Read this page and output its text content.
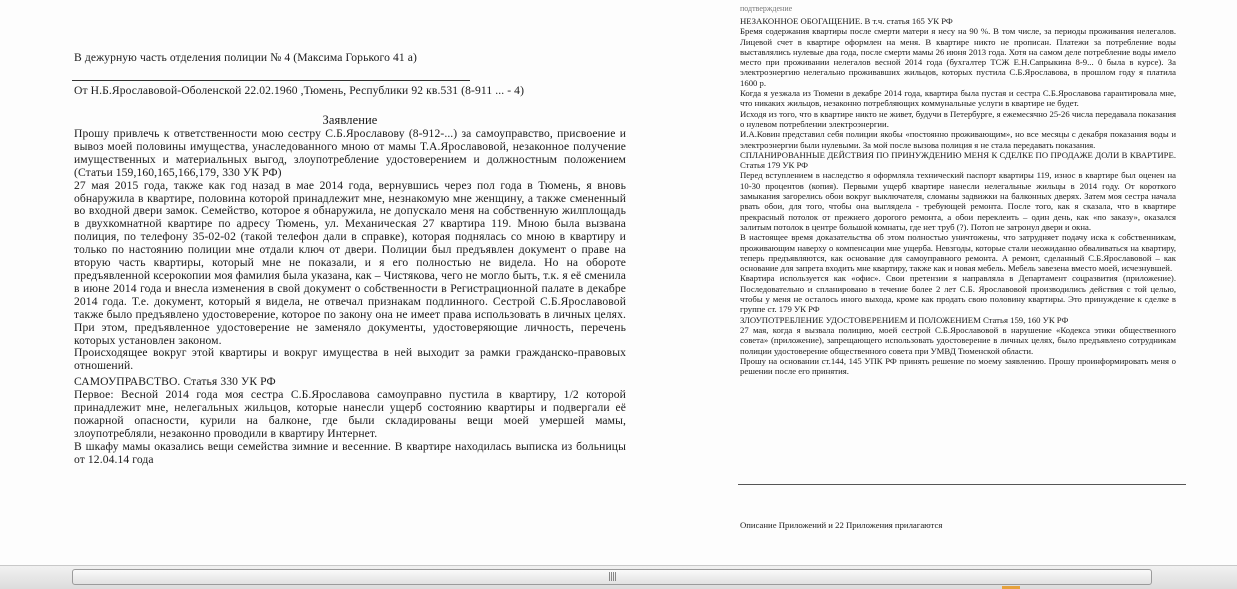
В дежурную часть отделения полиции № 4 (Максима Горького 41 а)
От Н.Б.Ярославовой-Оболенской 22.02.1960 ,Тюмень, Республики 92 кв.531 (8-911 ... - 4)
Заявление

Прошу привлечь к ответственности мою сестру С.Б.Ярославову (8-912-...) за самоуправство, присвоение и вывоз моей половины имущества, унаследованного мною от мамы Т.А.Ярославовой, незаконное получение имущественных и материальных выгод, злоупотребление удостоверением и должностным положением (Статьи 159,160,165,166,179, 330 УК РФ)

27 мая 2015 года, также как год назад в мае 2014 года, вернувшись через пол года в Тюмень, я вновь обнаружила в квартире, половина которой принадлежит мне, незнакомую мне женщину, а также смененный во входной двери замок. Семейство, которое я обнаружила, не допускало меня на собственную жилплощадь в двухкомнатной квартире по адресу Тюмень, ул. Механическая 27 квартира 119. Мною была вызвана полиция, по телефону 35-02-02 (такой телефон дали в справке), которая поднялась со мною в квартиру и только по настоянию полиции мне отдали ключ от двери. Полиции был предъявлен документ о праве на вторую часть квартиры, который мне не показали, и я его полностью не видела. Но на обороте предъявленной ксерокопии моя фамилия была указана, как – Чистякова, чего не могло быть, т.к. я её сменила в июне 2014 года и внесла изменения в свой документ о собственности в Регистрационной палате в декабре 2014 года. Т.е. документ, который я видела, не отвечал признакам подлинного. Сестрой С.Б.Ярославовой также было предъявлено удостоверение, которое по закону она не имеет права использовать в личных целях. При этом, предъявленное удостоверение не заменяло документы, удостоверяющие личность, перечень которых установлен законом.

Происходящее вокруг этой квартиры и вокруг имущества в ней выходит за рамки гражданско-правовых отношений.

САМОУПРАВСТВО. Статья 330 УК РФ

Первое: Весной 2014 года моя сестра С.Б.Ярославова самоуправно пустила в квартиру, 1/2 которой принадлежит мне, нелегальных жильцов, которые нанесли ущерб состоянию квартиры и подвергали её пожарной опасности, курили на балконе, где были складированы вещи моей умершей мамы, злоупотребляли, незаконно проводили в квартиру Интернет.

В шкафу мамы оказались вещи семейства зимние и весенние. В квартире находилась выписка из больницы от 12.04.14 года

подтверждение

НЕЗАКОННОЕ ОБОГАЩЕНИЕ. В т.ч. статья 165 УК РФ

Бремя содержания квартиры после смерти матери я несу на 90 %. В том числе, за периоды проживания нелегалов. Лицевой счет в квартире оформлен на меня. В квартире никто не прописан. Платежи за потребление воды выставлялись нулевые два года, после смерти мамы 26 июня 2013 года. Хотя на самом деле потребление воды имело место при проживании нелегалов весной 2014 года (бухгалтер ТСЖ Е.Н.Сапрыкина 8-9... 0 была в курсе). За электроэнергию нелегально проживавших жильцов, которых пустила С.Б.Ярославова, в прошлом году я платила 1600 р.

Когда я уезжала из Тюмени в декабре 2014 года, квартира была пустая и сестра С.Б.Ярославова гарантировала мне, что никаких жильцов, незаконно потребляющих коммунальные услуги в квартире не будет.

Исходя из того, что в квартире никто не живет, будучи в Петербурге, я ежемесячно 25-26 числа передавала показания о нулевом потреблении электроэнергии.

И.А.Ковин представил себя полиции якобы «постоянно проживающим», но все месяцы с декабря показания воды и электроэнергии были нулевыми. За мой после вызова полиция я не стала передавать показания.

СПЛАНИРОВАННЫЕ ДЕЙСТВИЯ ПО ПРИНУЖДЕНИЮ МЕНЯ К СДЕЛКЕ ПО ПРОДАЖЕ ДОЛИ В КВАРТИРЕ. Статья 179 УК РФ

Перед вступлением в наследство я оформляла технический паспорт квартиры 119, износ в квартире был оценен на 10-30 процентов (копия). Первыми ущерб квартире нанесли нелегальные жильцы в 2014 году. От короткого замыкания загорелись обои вокруг выключателя, сломаны задвижки на балконных дверях. Затем моя сестра начала рвать обои, для того, чтобы она выглядела - требующей ремонта. После того, как я сказала, что в квартире прекрасный потолок от прежнего дорогого ремонта, а обои переклеить – один день, как «по заказу», оказался залитым потолок в центре большой комнаты, где нет труб (?). Потоп не затронул двери и окна.

В настоящее время доказательства об этом полностью уничтожены, что затрудняет подачу иска к собственникам, проживающим наверху о компенсации мне ущерба. Невзгоды, которые стали неожиданно обваливаться на квартиру, теперь предъявляются, как основание для самоуправного ремонта. А ремонт, сделанный С.Б.Ярославовой – как основание для запрета входить мне квартиру, также как и новая мебель. Мебель завезена вместо моей, исчезнувшей.

Квартира используется как «офис». Свои претензии я направляла в Департамент соцразвития (приложение). Последовательно и спланировано в течение более 2 лет С.Б. Ярославовой производились действия с той целью, чтобы у меня не осталось иного выхода, кроме как продать свою половину квартиры. Это принуждение к сделке в группе ст. 179 УК РФ

ЗЛОУПОТРЕБЛЕНИЕ УДОСТОВЕРЕНИЕМ И ПОЛОЖЕНИЕМ Статья 159, 160 УК РФ

27 мая, когда я вызвала полицию, моей сестрой С.Б.Ярославовой в нарушение «Кодекса этики общественного совета» (приложение), запрещающего использовать удостоверение в личных целях, было предъявлено сотрудникам полиции удостоверение общественного совета при УМВД Тюменской области.

Прошу на основании ст.144, 145 УПК РФ принять решение по моему заявлению. Прошу проинформировать меня о решении после его принятия.

Описание Приложений и 22 Приложения прилагаются
||||
